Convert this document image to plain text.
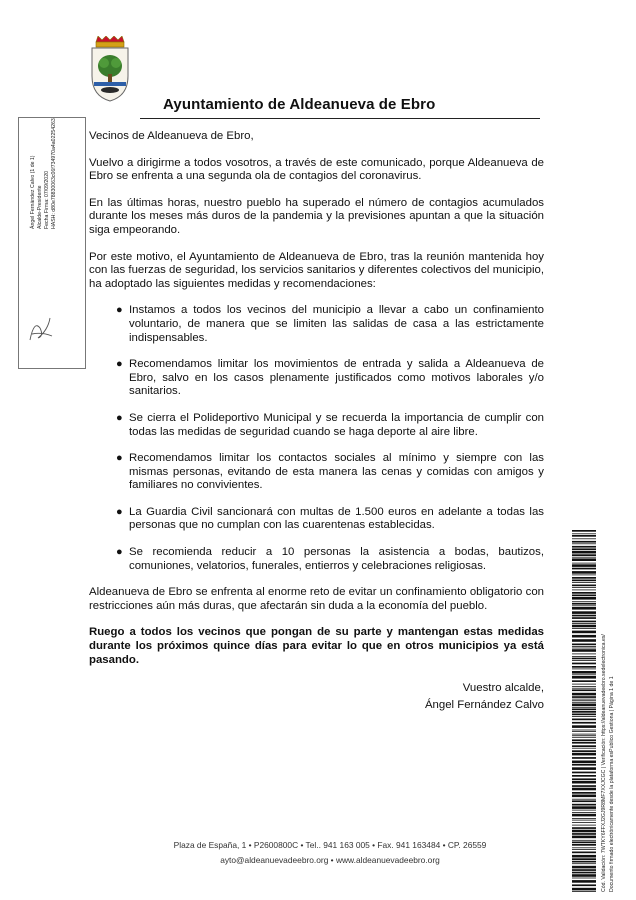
Ayuntamiento de Aldeanueva de Ebro

Vecinos de Aldeanueva de Ebro,

Vuelvo a dirigirme a todos vosotros, a través de este comunicado, porque Aldeanueva de Ebro se enfrenta a una segunda ola de contagios del coronavirus.

En las últimas horas, nuestro pueblo ha superado el número de contagios acumulados durante los meses más duros de la pandemia y la previsiones apuntan a que la situación siga empeorando.

Por este motivo, el Ayuntamiento de Aldeanueva de Ebro, tras la reunión mantenida hoy con las fuerzas de seguridad, los servicios sanitarios y diferentes colectivos del municipio, ha adoptado las siguientes medidas y recomendaciones:

● Instamos a todos los vecinos del municipio a llevar a cabo un confinamiento voluntario, de manera que se limiten las salidas de casa a las estrictamente indispensables.
● Recomendamos limitar los movimientos de entrada y salida a Aldeanueva de Ebro, salvo en los casos plenamente justificados como motivos laborales y/o sanitarios.
● Se cierra el Polideportivo Municipal y se recuerda la importancia de cumplir con todas las medidas de seguridad cuando se haga deporte al aire libre.
● Recomendamos limitar los contactos sociales al mínimo y siempre con las mismas personas, evitando de esta manera las cenas y comidas con amigos y familiares no convivientes.
● La Guardia Civil sancionará con multas de 1.500 euros en adelante a todas las personas que no cumplan con las cuarentenas establecidas.
● Se recomienda reducir a 10 personas la asistencia a bodas, bautizos, comuniones, velatorios, funerales, entierros y celebraciones religiosas.

Aldeanueva de Ebro se enfrenta al enorme reto de evitar un confinamiento obligatorio con restricciones aún más duras, que afectarán sin duda a la economía del pueblo.

Ruego a todos los vecinos que pongan de su parte y mantengan estas medidas durante los próximos quince días para evitar lo que en otros municipios ya está pasando.

Vuestro alcalde,
Ángel Fernández Calvo
Plaza de España, 1 • P2600800C • Tel.. 941 163 005 • Fax. 941 163484 • CP. 26559
ayto@aldeanuevadeebro.org • www.aldeanuevadeebro.org
Ángel Fernández Calvo (1 de 1) Alcalde-Presidente Fecha Firma: 07/09/2020 HASH: d80e78830063c06f734970a4a02254263
Cód. Validación: 7WTKY6FFXJ2GJ9R8MF7XXJCGC | Verificación: https://aldeanuevadeebro.sedelectronica.es/ Documento firmado electrónicamente desde la plataforma esPublico Gestiona | Página 1 de 1
